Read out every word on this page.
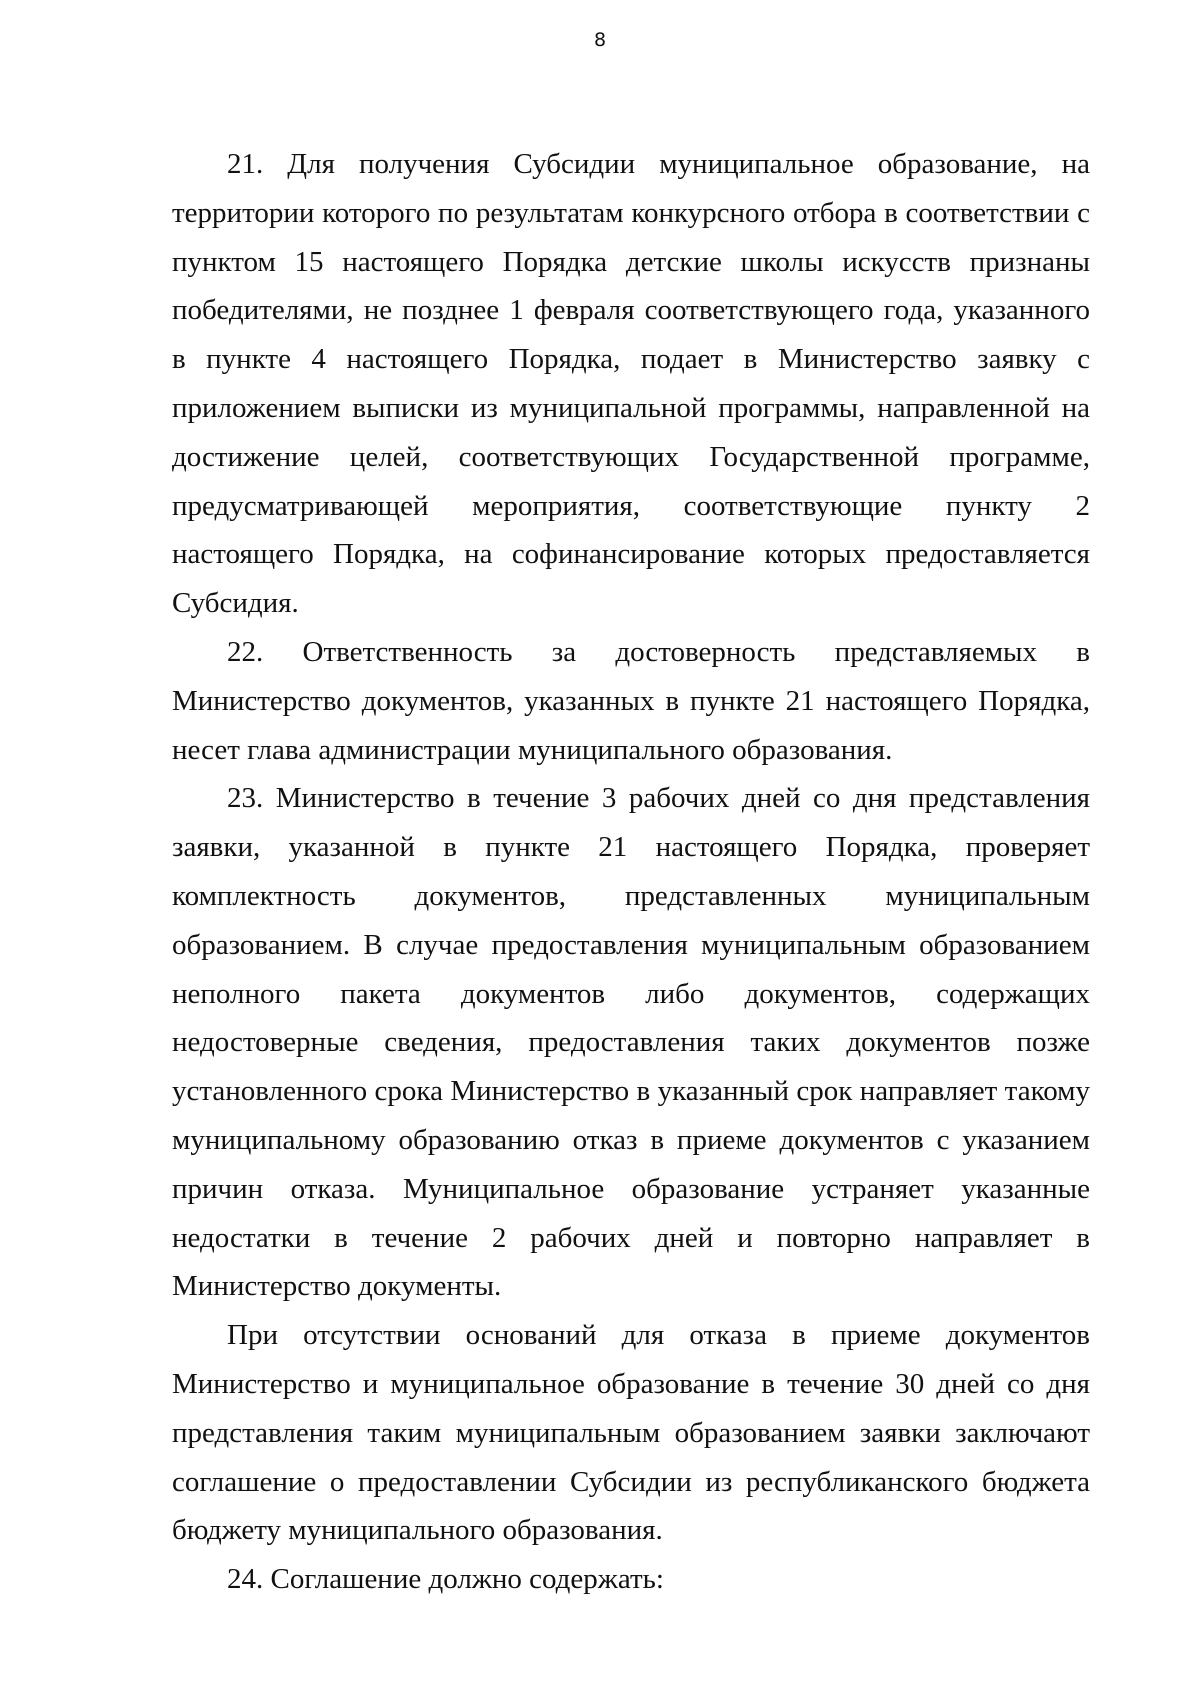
8

21. Для получения Субсидии муниципальное образование, на территории которого по результатам конкурсного отбора в соответствии с пунктом 15 настоящего Порядка детские школы искусств признаны победителями, не позднее 1 февраля соответствующего года, указанного в пункте 4 настоящего Порядка, подает в Министерство заявку с приложением выписки из муниципальной программы, направленной на достижение целей, соответствующих Государственной программе, предусматривающей мероприятия, соответствующие пункту 2 настоящего Порядка, на софинансирование которых предоставляется Субсидия.

22. Ответственность за достоверность представляемых в Министерство документов, указанных в пункте 21 настоящего Порядка, несет глава администрации муниципального образования.

23. Министерство в течение 3 рабочих дней со дня представления заявки, указанной в пункте 21 настоящего Порядка, проверяет комплектность документов, представленных муниципальным образованием. В случае предоставления муниципальным образованием неполного пакета документов либо документов, содержащих недостоверные сведения, предоставления таких документов позже установленного срока Министерство в указанный срок направляет такому муниципальному образованию отказ в приеме документов с указанием причин отказа. Муниципальное образование устраняет указанные недостатки в течение 2 рабочих дней и повторно направляет в Министерство документы.

При отсутствии оснований для отказа в приеме документов Министерство и муниципальное образование в течение 30 дней со дня представления таким муниципальным образованием заявки заключают соглашение о предоставлении Субсидии из республиканского бюджета бюджету муниципального образования.

24. Соглашение должно содержать:
